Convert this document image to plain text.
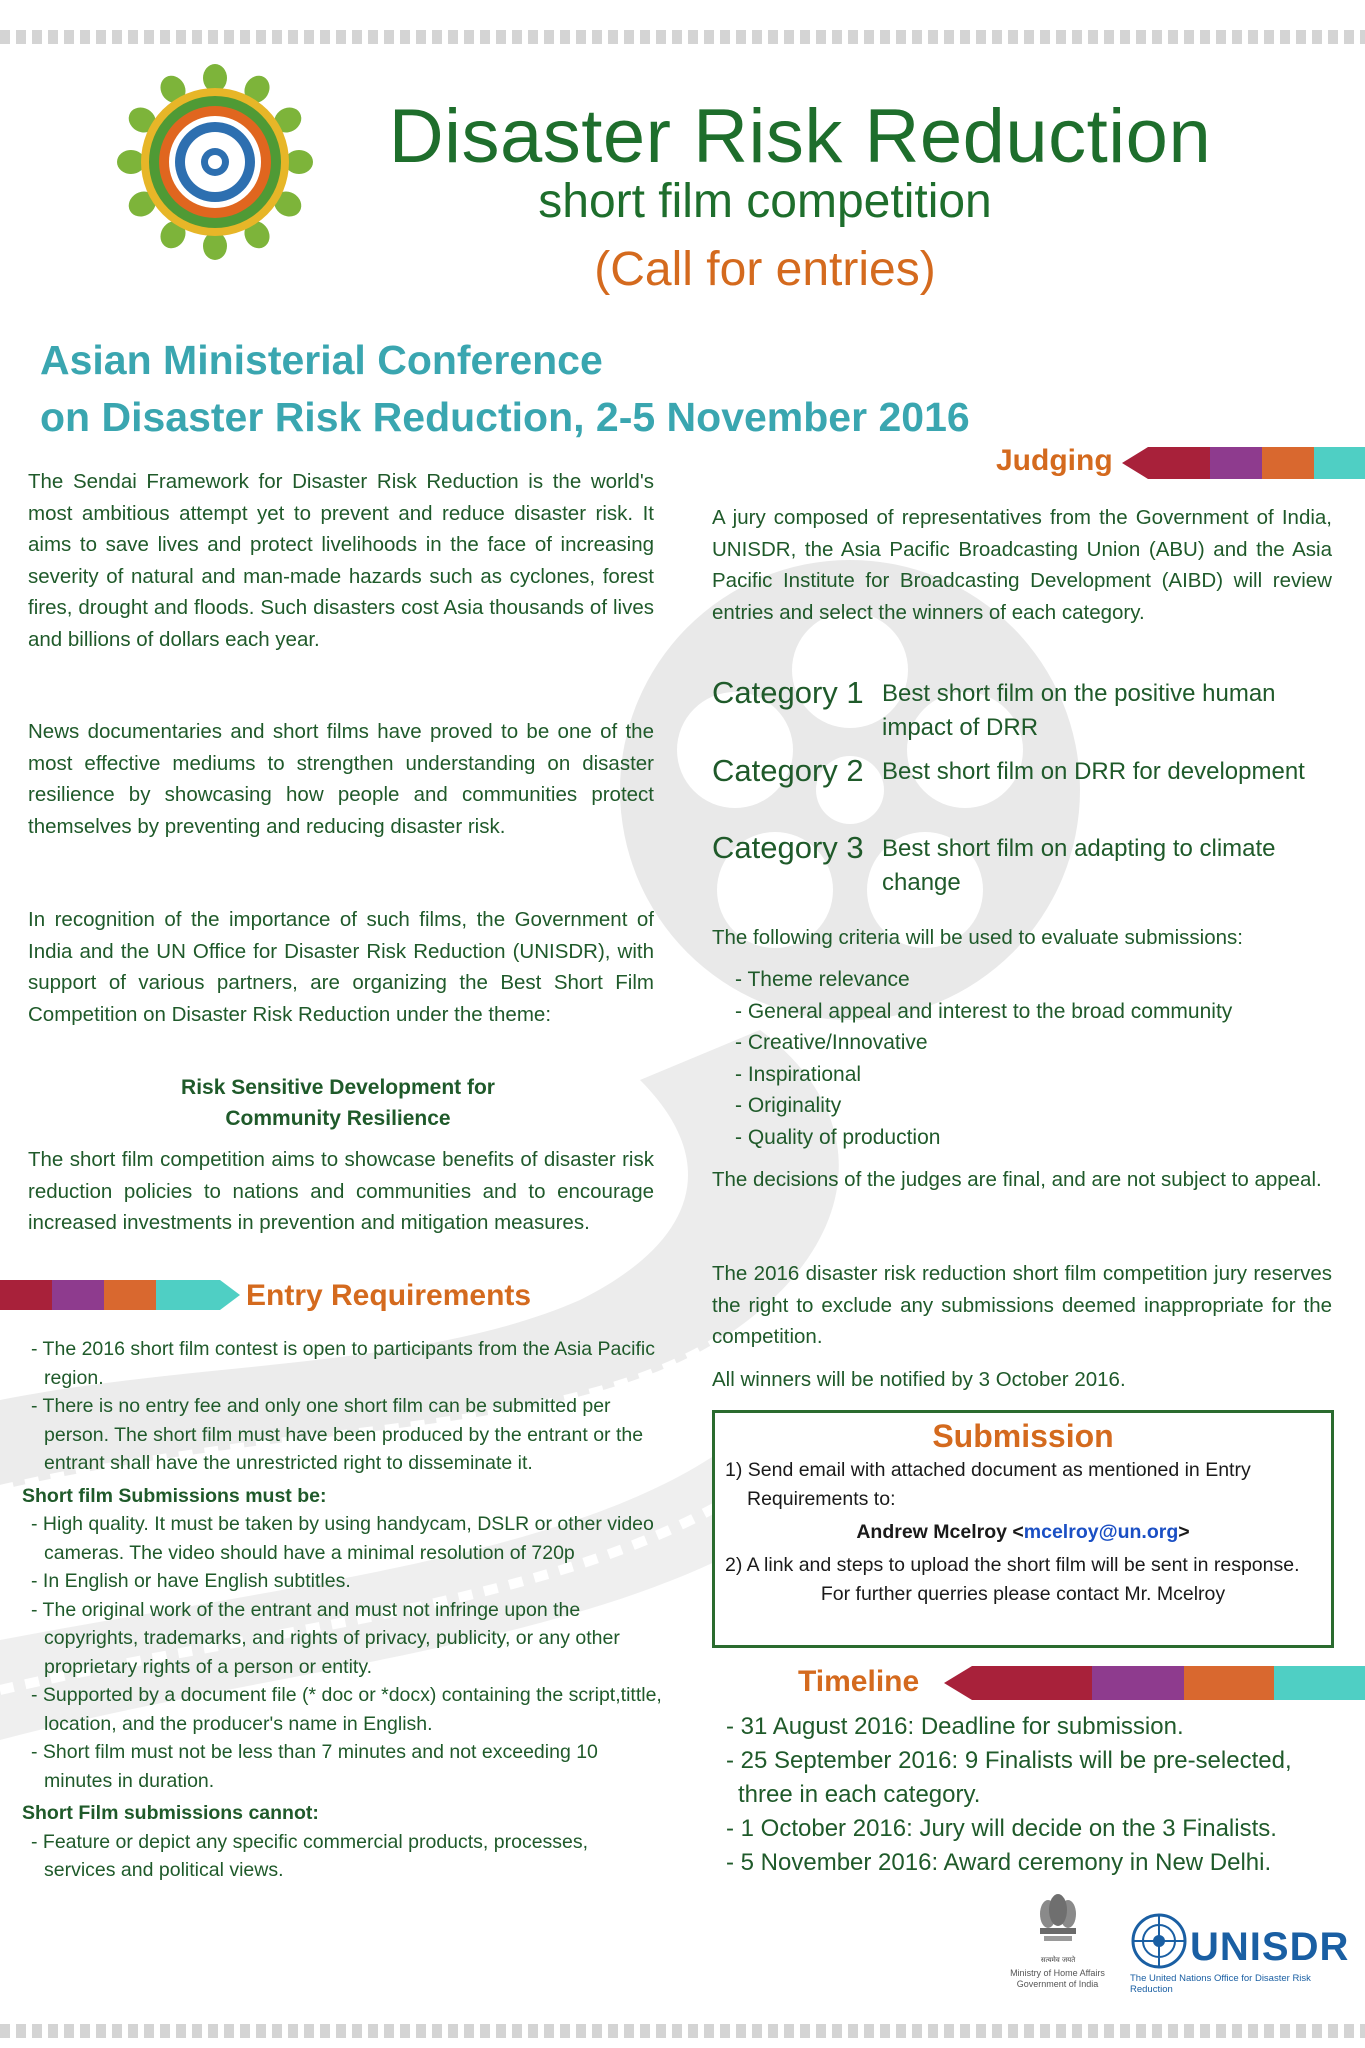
Disaster Risk Reduction
short film competition
(Call for entries)
Asian Ministerial Conference
on Disaster Risk Reduction, 2-5 November 2016
The Sendai Framework for Disaster Risk Reduction is the world's most ambitious attempt yet to prevent and reduce disaster risk. It aims to save lives and protect livelihoods in the face of increasing severity of natural and man-made hazards such as cyclones, forest fires, drought and floods. Such disasters cost Asia thousands of lives and billions of dollars each year.
News documentaries and short films have proved to be one of the most effective mediums to strengthen understanding on disaster resilience by showcasing how people and communities protect themselves by preventing and reducing disaster risk.
In recognition of the importance of such films, the Government of India and the UN Office for Disaster Risk Reduction (UNISDR), with support of various partners, are organizing the Best Short Film Competition on Disaster Risk Reduction under the theme:
Risk Sensitive Development for
Community Resilience
The short film competition aims to showcase benefits of disaster risk reduction policies to nations and communities and to encourage increased investments in prevention and mitigation measures.
Entry Requirements
- The 2016 short film contest is open to participants from the Asia Pacific region.
- There is no entry fee and only one short film can be submitted per person. The short film must have been produced by the entrant or the entrant shall have the unrestricted right to disseminate it.
Short film Submissions must be:
- High quality. It must be taken by using handycam, DSLR or other video cameras. The video should have a minimal resolution of 720p
- In English or have English subtitles.
- The original work of the entrant and must not infringe upon the copyrights, trademarks, and rights of privacy, publicity, or any other proprietary rights of a person or entity.
- Supported by a document file (* doc or *docx) containing the script,tittle, location, and the producer's name in English.
- Short film must not be less than 7 minutes and not exceeding 10 minutes in duration.
Short Film submissions cannot:
- Feature or depict any specific commercial products, processes, services and political views.
Judging
A jury composed of representatives from the Government of India, UNISDR, the Asia Pacific Broadcasting Union (ABU) and the Asia Pacific Institute for Broadcasting Development (AIBD) will review entries and select the winners of each category.
Category 1 Best short film on the positive human impact of DRR
Category 2 Best short film on DRR for development
Category 3 Best short film on adapting to climate change
The following criteria will be used to evaluate submissions:
- Theme relevance
- General appeal and interest to the broad community
- Creative/Innovative
- Inspirational
- Originality
- Quality of production
The decisions of the judges are final, and are not subject to appeal.
The 2016 disaster risk reduction short film competition jury reserves the right to exclude any submissions deemed inappropriate for the competition.
All winners will be notified by 3 October 2016.
Submission
1) Send email with attached document as mentioned in Entry
Requirements to:
Andrew Mcelroy <mcelroy@un.org>
2) A link and steps to upload the short film will be sent in response.
For further querries please contact Mr. Mcelroy
Timeline
- 31 August 2016: Deadline for submission.
- 25 September 2016: 9 Finalists will be pre-selected, three in each category.
- 1 October 2016: Jury will decide on the 3 Finalists.
- 5 November 2016: Award ceremony in New Delhi.
सत्यमेव जयते
Ministry of Home Affairs
Government of India
UNISDR
The United Nations Office for Disaster Risk Reduction
